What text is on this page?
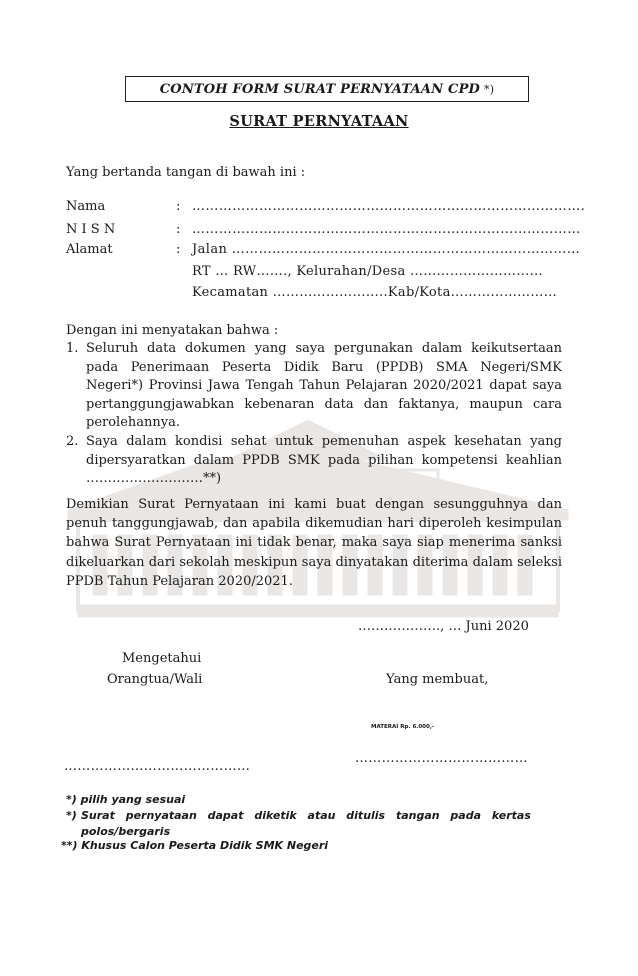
CONTOH FORM SURAT PERNYATAAN CPD *)
SURAT PERNYATAAN
Yang bertanda tangan di bawah ini :
Nama	: …………………………………………………………………………….
N I S N	: ……………………………………………………………………………
Alamat	: Jalan ……………………………………………………………………
RT … RW……., Kelurahan/Desa …………………………
Kecamatan ……………………..Kab/Kota……………………
Dengan ini menyatakan bahwa :
1. Seluruh data dokumen yang saya pergunakan dalam keikutsertaan pada Penerimaan Peserta Didik Baru (PPDB) SMA Negeri/SMK Negeri*) Provinsi Jawa Tengah Tahun Pelajaran 2020/2021 dapat saya pertanggungjawabkan kebenaran data dan faktanya, maupun cara perolehannya.
2. Saya dalam kondisi sehat untuk pemenuhan aspek kesehatan yang dipersyaratkan dalam PPDB SMK pada pilihan kompetensi keahlian ………………………**)
Demikian Surat Pernyataan ini kami buat dengan sesungguhnya dan penuh tanggungjawab, dan apabila dikemudian hari diperoleh kesimpulan bahwa Surat Pernyataan ini tidak benar, maka saya siap menerima sanksi dikeluarkan dari sekolah meskipun saya dinyatakan diterima dalam seleksi PPDB Tahun Pelajaran 2020/2021.
………………., … Juni 2020
Mengetahui
Orangtua/Wali	Yang membuat,
MATERAI Rp. 6.000,-
…………………………………
……………………………………
*) pilih yang sesuai
*) Surat pernyataan dapat diketik atau ditulis tangan pada kertas
polos/bergaris
**) Khusus Calon Peserta Didik SMK Negeri
